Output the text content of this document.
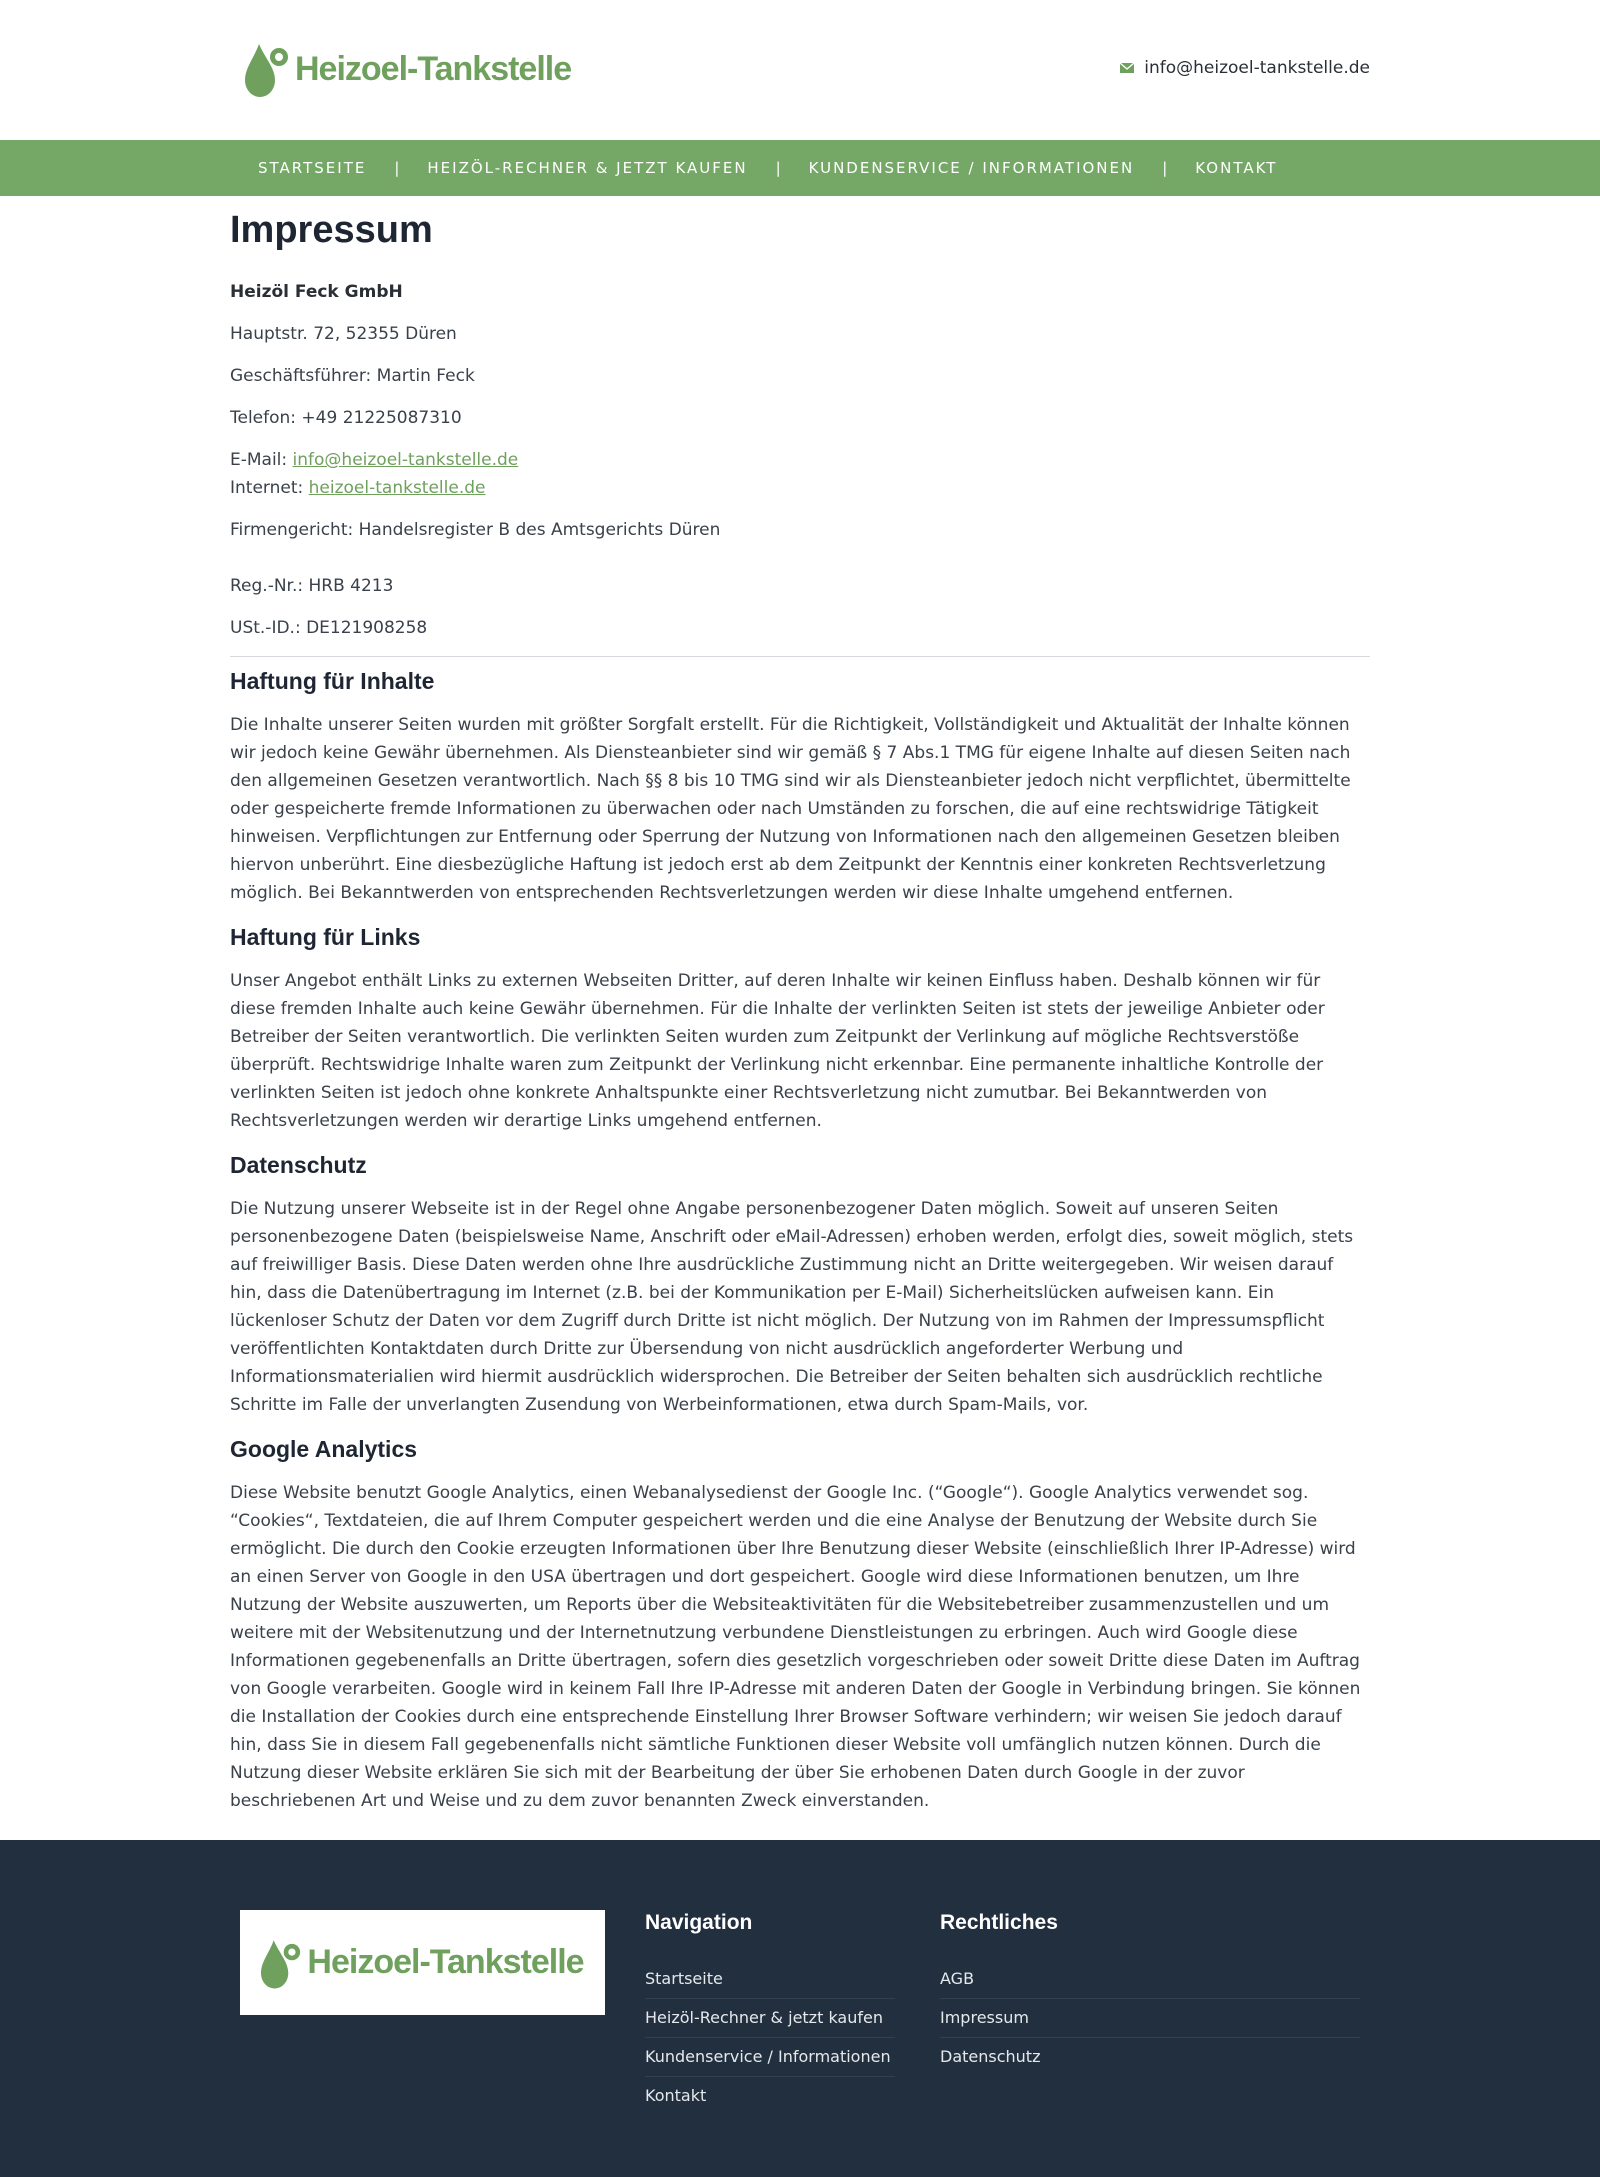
Heizoel-Tankstelle	info@heizoel-tankstelle.de
STARTSEITE	|	HEIZÖL-RECHNER & JETZT KAUFEN	|	KUNDENSERVICE / INFORMATIONEN	|	KONTAKT
Impressum

Heizöl Feck GmbH

Hauptstr. 72, 52355 Düren

Geschäftsführer: Martin Feck

Telefon: +49 21225087310

E-Mail: info@heizoel-tankstelle.de

Internet: heizoel-tankstelle.de

Firmengericht: Handelsregister B des Amtsgerichts Düren

Reg.-Nr.: HRB 4213

USt.-ID.: DE121908258

Haftung für Inhalte

Die Inhalte unserer Seiten wurden mit größter Sorgfalt erstellt. Für die Richtigkeit, Vollständigkeit und Aktualität der Inhalte können wir jedoch keine Gewähr übernehmen. Als Diensteanbieter sind wir gemäß § 7 Abs.1 TMG für eigene Inhalte auf diesen Seiten nach den allgemeinen Gesetzen verantwortlich. Nach §§ 8 bis 10 TMG sind wir als Diensteanbieter jedoch nicht verpflichtet, übermittelte oder gespeicherte fremde Informationen zu überwachen oder nach Umständen zu forschen, die auf eine rechtswidrige Tätigkeit hinweisen. Verpflichtungen zur Entfernung oder Sperrung der Nutzung von Informationen nach den allgemeinen Gesetzen bleiben hiervon unberührt. Eine diesbezügliche Haftung ist jedoch erst ab dem Zeitpunkt der Kenntnis einer konkreten Rechtsverletzung möglich. Bei Bekanntwerden von entsprechenden Rechtsverletzungen werden wir diese Inhalte umgehend entfernen.

Haftung für Links

Unser Angebot enthält Links zu externen Webseiten Dritter, auf deren Inhalte wir keinen Einfluss haben. Deshalb können wir für diese fremden Inhalte auch keine Gewähr übernehmen. Für die Inhalte der verlinkten Seiten ist stets der jeweilige Anbieter oder Betreiber der Seiten verantwortlich. Die verlinkten Seiten wurden zum Zeitpunkt der Verlinkung auf mögliche Rechtsverstöße überprüft. Rechtswidrige Inhalte waren zum Zeitpunkt der Verlinkung nicht erkennbar. Eine permanente inhaltliche Kontrolle der verlinkten Seiten ist jedoch ohne konkrete Anhaltspunkte einer Rechtsverletzung nicht zumutbar. Bei Bekanntwerden von Rechtsverletzungen werden wir derartige Links umgehend entfernen.

Datenschutz

Die Nutzung unserer Webseite ist in der Regel ohne Angabe personenbezogener Daten möglich. Soweit auf unseren Seiten personenbezogene Daten (beispielsweise Name, Anschrift oder eMail-Adressen) erhoben werden, erfolgt dies, soweit möglich, stets auf freiwilliger Basis. Diese Daten werden ohne Ihre ausdrückliche Zustimmung nicht an Dritte weitergegeben. Wir weisen darauf hin, dass die Datenübertragung im Internet (z.B. bei der Kommunikation per E-Mail) Sicherheitslücken aufweisen kann. Ein lückenloser Schutz der Daten vor dem Zugriff durch Dritte ist nicht möglich. Der Nutzung von im Rahmen der Impressumspflicht veröffentlichten Kontaktdaten durch Dritte zur Übersendung von nicht ausdrücklich angeforderter Werbung und Informationsmaterialien wird hiermit ausdrücklich widersprochen. Die Betreiber der Seiten behalten sich ausdrücklich rechtliche Schritte im Falle der unverlangten Zusendung von Werbeinformationen, etwa durch Spam-Mails, vor.

Google Analytics

Diese Website benutzt Google Analytics, einen Webanalysedienst der Google Inc. (“Google“). Google Analytics verwendet sog. “Cookies“, Textdateien, die auf Ihrem Computer gespeichert werden und die eine Analyse der Benutzung der Website durch Sie ermöglicht. Die durch den Cookie erzeugten Informationen über Ihre Benutzung dieser Website (einschließlich Ihrer IP-Adresse) wird an einen Server von Google in den USA übertragen und dort gespeichert. Google wird diese Informationen benutzen, um Ihre Nutzung der Website auszuwerten, um Reports über die Websiteaktivitäten für die Websitebetreiber zusammenzustellen und um weitere mit der Websitenutzung und der Internetnutzung verbundene Dienstleistungen zu erbringen. Auch wird Google diese Informationen gegebenenfalls an Dritte übertragen, sofern dies gesetzlich vorgeschrieben oder soweit Dritte diese Daten im Auftrag von Google verarbeiten. Google wird in keinem Fall Ihre IP-Adresse mit anderen Daten der Google in Verbindung bringen. Sie können die Installation der Cookies durch eine entsprechende Einstellung Ihrer Browser Software verhindern; wir weisen Sie jedoch darauf hin, dass Sie in diesem Fall gegebenenfalls nicht sämtliche Funktionen dieser Website voll umfänglich nutzen können. Durch die Nutzung dieser Website erklären Sie sich mit der Bearbeitung der über Sie erhobenen Daten durch Google in der zuvor beschriebenen Art und Weise und zu dem zuvor benannten Zweck einverstanden.

Heizoel-Tankstelle
Navigation
Startseite
Heizöl-Rechner & jetzt kaufen
Kundenservice / Informationen
Kontakt
Rechtliches
AGB
Impressum
Datenschutz
